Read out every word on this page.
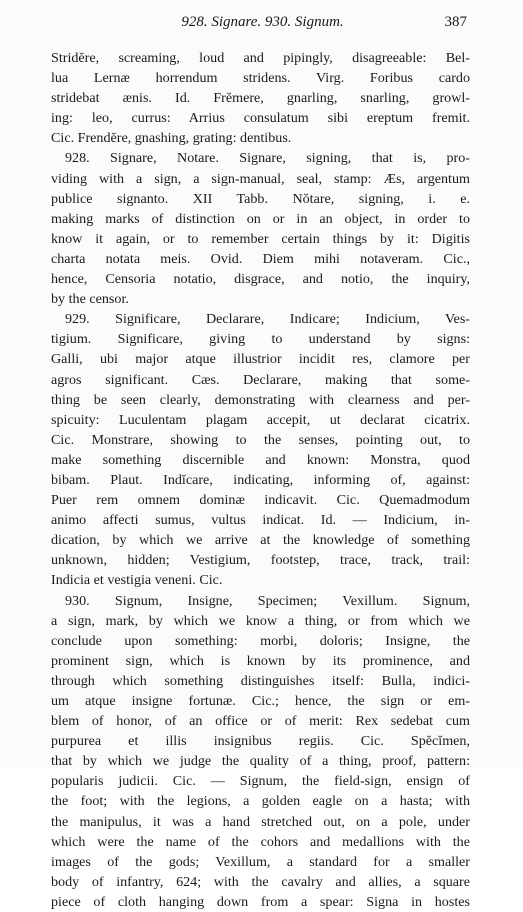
928. Signare. 930. Signum.	387
Stridĕre, screaming, loud and pipingly, disagreeable: Bel-
lua Lernæ horrendum stridens. Virg. Foribus cardo
stridebat ænis. Id. Frĕmere, gnarling, snarling, growl-
ing: leo, currus: Arrius consulatum sibi ereptum fremit.
Cic. Frendĕre, gnashing, grating: dentibus.
928. Signare, Notare. Signare, signing, that is, pro-
viding with a sign, a sign-manual, seal, stamp: Æs, argentum
publice signanto. XII Tabb. Nŏtare, signing, i. e.
making marks of distinction on or in an object, in order to
know it again, or to remember certain things by it: Digitis
charta notata meis. Ovid. Diem mihi notaveram. Cic.,
hence, Censoria notatio, disgrace, and notio, the inquiry,
by the censor.
929. Significare, Declarare, Indicare; Indicium, Ves-
tigium. Significare, giving to understand by signs:
Galli, ubi major atque illustrior incidit res, clamore per
agros significant. Cæs. Declarare, making that some-
thing be seen clearly, demonstrating with clearness and per-
spicuity: Luculentam plagam accepit, ut declarat cicatrix.
Cic. Monstrare, showing to the senses, pointing out, to
make something discernible and known: Monstra, quod
bibam. Plaut. Indĭcare, indicating, informing of, against:
Puer rem omnem dominæ indicavit. Cic. Quemadmodum
animo affecti sumus, vultus indicat. Id. — Indicium, in-
dication, by which we arrive at the knowledge of something
unknown, hidden; Vestigium, footstep, trace, track, trail:
Indicia et vestigia veneni. Cic.
930. Signum, Insigne, Specimen; Vexillum. Signum,
a sign, mark, by which we know a thing, or from which we
conclude upon something: morbi, doloris; Insigne, the
prominent sign, which is known by its prominence, and
through which something distinguishes itself: Bulla, indici-
um atque insigne fortunæ. Cic.; hence, the sign or em-
blem of honor, of an office or of merit: Rex sedebat cum
purpurea et illis insignibus regiis. Cic. Spĕcĭmen,
that by which we judge the quality of a thing, proof, pattern:
popularis judicii. Cic. — Signum, the field-sign, ensign of
the foot; with the legions, a golden eagle on a hasta; with
the manipulus, it was a hand stretched out, on a pole, under
which were the name of the cohors and medallions with the
images of the gods; Vexillum, a standard for a smaller
body of infantry, 624; with the cavalry and allies, a square
piece of cloth hanging down from a spear: Signa in hostes
